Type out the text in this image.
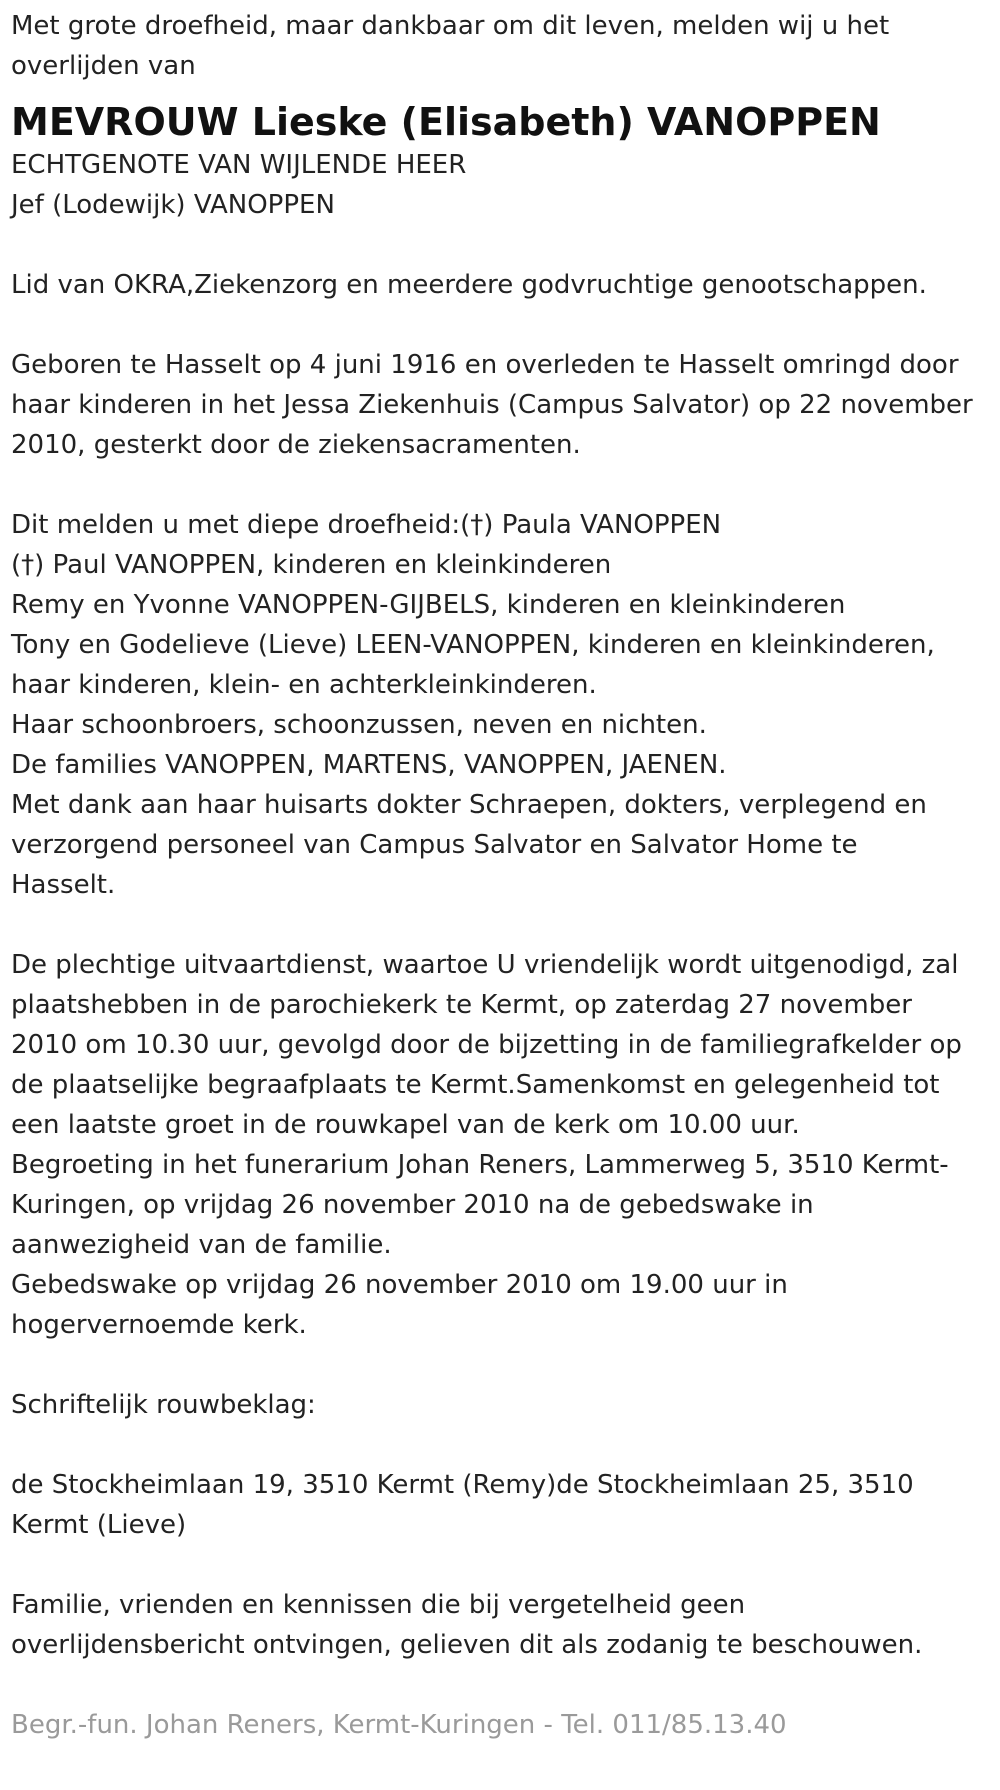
Met grote droefheid, maar dankbaar om dit leven, melden wij u het
overlijden van

MEVROUW Lieske (Elisabeth) VANOPPEN

ECHTGENOTE VAN WIJLENDE HEER
Jef (Lodewijk) VANOPPEN

Lid van OKRA,Ziekenzorg en meerdere godvruchtige genootschappen.

Geboren te Hasselt op 4 juni 1916 en overleden te Hasselt omringd door
haar kinderen in het Jessa Ziekenhuis (Campus Salvator) op 22 november
2010, gesterkt door de ziekensacramenten.

Dit melden u met diepe droefheid:(†) Paula VANOPPEN
(†) Paul VANOPPEN, kinderen en kleinkinderen
Remy en Yvonne VANOPPEN-GIJBELS, kinderen en kleinkinderen
Tony en Godelieve (Lieve) LEEN-VANOPPEN, kinderen en kleinkinderen,
haar kinderen, klein- en achterkleinkinderen.
Haar schoonbroers, schoonzussen, neven en nichten.
De families VANOPPEN, MARTENS, VANOPPEN, JAENEN.
Met dank aan haar huisarts dokter Schraepen, dokters, verplegend en
verzorgend personeel van Campus Salvator en Salvator Home te
Hasselt.

De plechtige uitvaartdienst, waartoe U vriendelijk wordt uitgenodigd, zal
plaatshebben in de parochiekerk te Kermt, op zaterdag 27 november
2010 om 10.30 uur, gevolgd door de bijzetting in de familiegrafkelder op
de plaatselijke begraafplaats te Kermt.Samenkomst en gelegenheid tot
een laatste groet in de rouwkapel van de kerk om 10.00 uur.
Begroeting in het funerarium Johan Reners, Lammerweg 5, 3510 Kermt-
Kuringen, op vrijdag 26 november 2010 na de gebedswake in
aanwezigheid van de familie.
Gebedswake op vrijdag 26 november 2010 om 19.00 uur in
hogervernoemde kerk.

Schriftelijk rouwbeklag:

de Stockheimlaan 19, 3510 Kermt (Remy)de Stockheimlaan 25, 3510
Kermt (Lieve)

Familie, vrienden en kennissen die bij vergetelheid geen
overlijdensbericht ontvingen, gelieven dit als zodanig te beschouwen.

Begr.-fun. Johan Reners, Kermt-Kuringen - Tel. 011/85.13.40
